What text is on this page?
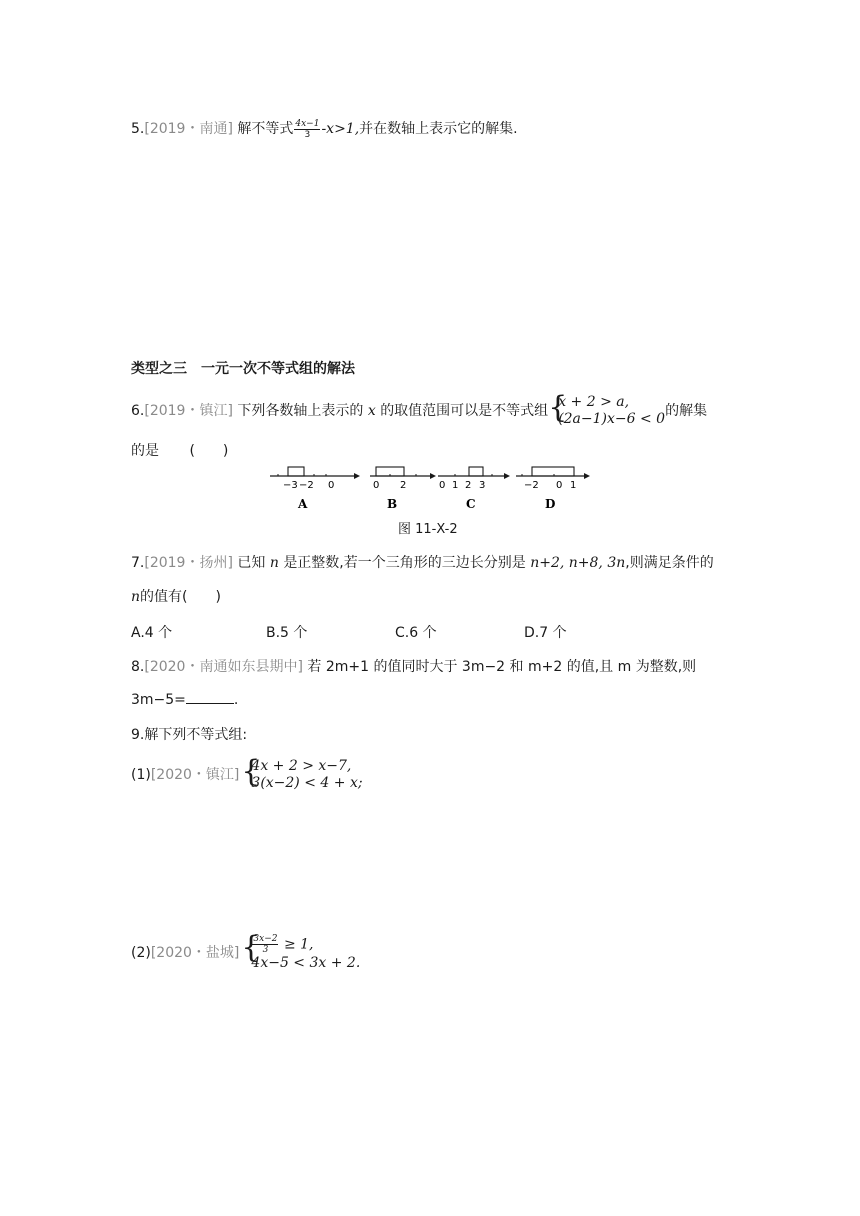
5.[2019・南通] 解不等式 $\frac{4x-1}{3} -x>1$,并在数轴上表示它的解集.
类型之三　一元一次不等式组的解法
6.[2019・镇江] 下列各数轴上表示的 x 的取值范围可以是不等式组 {
x + 2 > a,
(2a−1)x−6 < 0 的解集
的是 (　　)
−3 −2 0
A
0 2
B
0 1 2 3
C
−2 0 1
D
图 11-X-2
7.[2019・扬州] 已知 n 是正整数,若一个三角形的三边长分别是 n+2, n+8, 3n,则满足条件的
n的值有(　　)
A.4 个	B.5 个	C.6 个	D.7 个
8.[2020・南通如东县期中] 若 2m+1 的值同时大于 3m−2 和 m+2 的值,且 m 为整数,则
3m−5=	.
9.解下列不等式组:
(1)[2020・镇江] {
4x + 2 > x−7,
3(x−2) < 4 + x;
(2)[2020・盐城] {
$\frac{3x-2}{3} \ge 1$,
4x−5 < 3x + 2.
